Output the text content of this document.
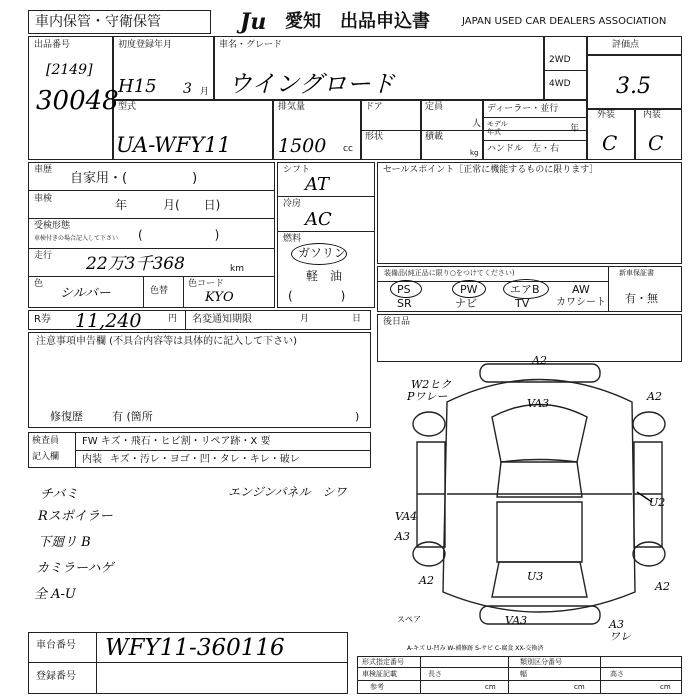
車内保管・守衛保管	Ju 愛知 出品申込書	JAPAN USED CAR DEALERS ASSOCIATION
出品番号
[2149]
30048
初度登録年月
H15 3 月
車名・グレード
ウイングロード
2WD
4WD
評価点
3.5
外装	内装
C C
型式
UA-WFY11
排気量
1500 cc
ドア
形状
定員
人
積載
kg
ディーラー・並行
モデル
年式	年
ハンドル　左・右
車歴
自家用・(　　　　　)
車検	年　　　月(　　日)
受検形態
車検付きの場合記入して下さい (　　　　　　)
走行 22万3千368	km
色
シルバー	色替
色コード
KYO
シフト
AT
冷房
AC
燃料
ガソリン
軽　油
(　　　　)
セールスポイント［正常に機能するものに限ります］
装備品(純正品に限り○をつけてください)
PS	PW	エアB	AW
SR	ナビ	TV	カワシート
新車保証書
有・無
R券 11,240	円 名変通知期限	月	日 後日品
注意事項申告欄 (不具合内容等は具体的に記入して下さい)
修復歴	有 (箇所	)
検査員
記入欄
FW キズ・飛石・ヒビ割・リペア跡・X 要
内装 キズ・汚レ・ヨゴ・凹・タレ・キレ・破レ
チバミ
Rスポイラー
下廻リ B
カミラーハゲ
全 A-U
エンジンパネル　シワ
A2
W2ヒク
Pワレー
VA3
A2
U2
VA4
A3
U3
A2	A2
VA3	A3
ワレ
スペア
A-キズ U-凹み W-補修跡 S-サビ C-腐食 XX-交換済
車台番号 WFY11-360116
登録番号
形式指定番号	類別区分番号
車検証記載	長さ	幅	高さ
参考	cm	cm	cm
